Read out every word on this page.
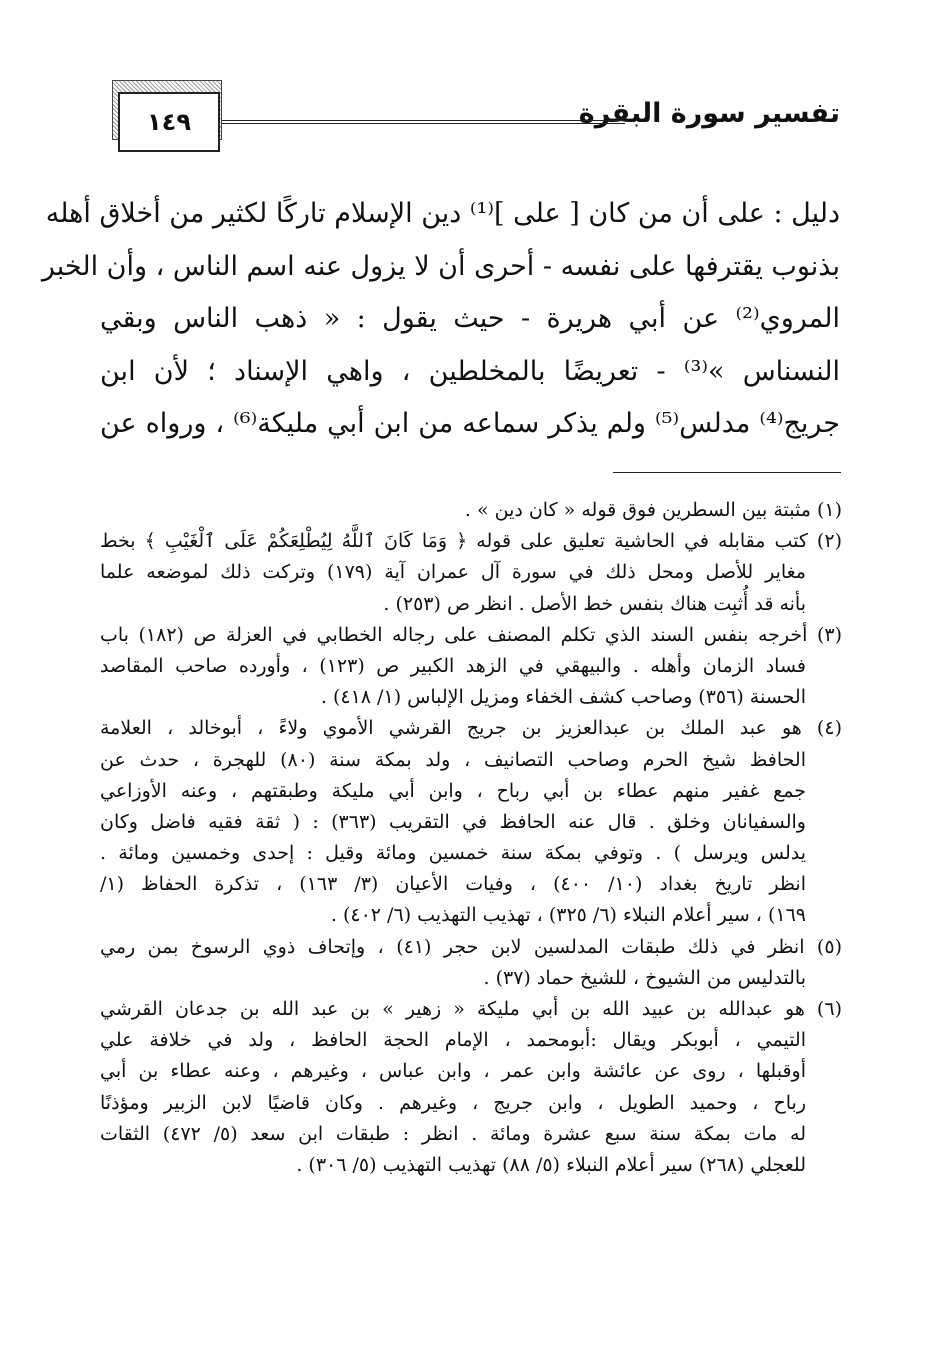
تفسير سورة البقرة
١٤٩
دليل : على أن من كان [ على ]⁽¹⁾ دين الإسلام تاركًا لكثير من أخلاق أهله
بذنوب يقترفها على نفسه - أحرى أن لا يزول عنه اسم الناس ، وأن الخبر
المروي⁽²⁾ عن أبي هريرة - حيث يقول : « ذهب الناس وبقي
النسناس »⁽³⁾ - تعريضًا بالمخلطين ، واهي الإسناد ؛ لأن ابن
جريج⁽⁴⁾ مدلس⁽⁵⁾ ولم يذكر سماعه من ابن أبي مليكة⁽⁶⁾ ، ورواه عن
(١) مثبتة بين السطرين فوق قوله « كان دين » .
(٢) كتب مقابله في الحاشية تعليق على قوله ﴿ وَمَا كَانَ ٱللَّهُ لِيُطْلِعَكُمْ عَلَى ٱلْغَيْبِ ﴾ بخط
مغاير للأصل ومحل ذلك في سورة آل عمران آية (١٧٩) وتركت ذلك لموضعه علما
بأنه قد أُثبِت هناك بنفس خط الأصل . انظر ص (٢٥٣) .
(٣) أخرجه بنفس السند الذي تكلم المصنف على رجاله الخطابي في العزلة ص (١٨٢) باب
فساد الزمان وأهله . والبيهقي في الزهد الكبير ص (١٢٣) ، وأورده صاحب المقاصد
الحسنة (٣٥٦) وصاحب كشف الخفاء ومزيل الإلباس (١/ ٤١٨) .
(٤) هو عبد الملك بن عبدالعزيز بن جريج القرشي الأموي ولاءً ، أبوخالد ، العلامة
الحافظ شيخ الحرم وصاحب التصانيف ، ولد بمكة سنة (٨٠) للهجرة ، حدث عن
جمع غفير منهم عطاء بن أبي رباح ، وابن أبي مليكة وطبقتهم ، وعنه الأوزاعي
والسفيانان وخلق . قال عنه الحافظ في التقريب (٣٦٣) : ( ثقة فقيه فاضل وكان
يدلس ويرسل ) . وتوفي بمكة سنة خمسين ومائة وقيل : إحدى وخمسين ومائة .
انظر تاريخ بغداد (١٠/ ٤٠٠) ، وفيات الأعيان (٣/ ١٦٣) ، تذكرة الحفاظ (١/
١٦٩) ، سير أعلام النبلاء (٦/ ٣٢٥) ، تهذيب التهذيب (٦/ ٤٠٢) .
(٥) انظر في ذلك طبقات المدلسين لابن حجر (٤١) ، وإتحاف ذوي الرسوخ بمن رمي
بالتدليس من الشيوخ ، للشيخ حماد (٣٧) .
(٦) هو عبدالله بن عبيد الله بن أبي مليكة « زهير » بن عبد الله بن جدعان القرشي
التيمي ، أبوبكر ويقال :أبومحمد ، الإمام الحجة الحافظ ، ولد في خلافة علي
أوقبلها ، روى عن عائشة وابن عمر ، وابن عباس ، وغيرهم ، وعنه عطاء بن أبي
رباح ، وحميد الطويل ، وابن جريج ، وغيرهم . وكان قاضيًا لابن الزبير ومؤذنًا
له مات بمكة سنة سبع عشرة ومائة . انظر : طبقات ابن سعد (٥/ ٤٧٢) الثقات
للعجلي (٢٦٨) سير أعلام النبلاء (٥/ ٨٨) تهذيب التهذيب (٥/ ٣٠٦) .
